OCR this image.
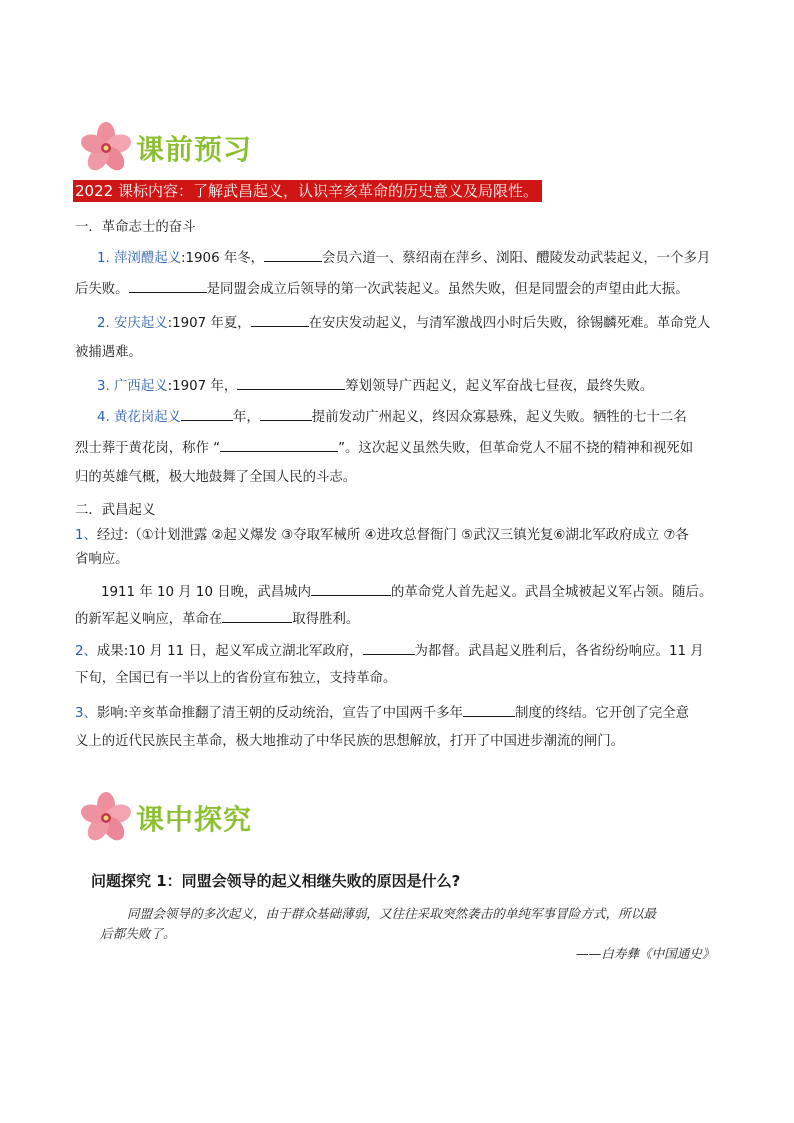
课前预习
2022 课标内容：了解武昌起义，认识辛亥革命的历史意义及局限性。
一．革命志士的奋斗
1. 萍浏醴起义:1906 年冬，	会员六道一、蔡绍南在萍乡、浏阳、醴陵发动武装起义，一个多月
后失败。	是同盟会成立后领导的第一次武装起义。虽然失败，但是同盟会的声望由此大振。
2. 安庆起义:1907 年夏，	在安庆发动起义，与清军激战四小时后失败，徐锡麟死难。革命党人
被捕遇难。
3. 广西起义:1907 年，	筹划领导广西起义，起义军奋战七昼夜，最终失败。
4. 黄花岗起义	年，	提前发动广州起义，终因众寡悬殊，起义失败。牺牲的七十二名
烈士葬于黄花岗，称作 “	”。这次起义虽然失败，但革命党人不屈不挠的精神和视死如
归的英雄气概，极大地鼓舞了全国人民的斗志。
二．武昌起义
1、经过:（①计划泄露 ②起义爆发 ③夺取军械所 ④进攻总督衙门 ⑤武汉三镇光复⑥湖北军政府成立 ⑦各
省响应。
1911 年 10 月 10 日晚，武昌城内	的革命党人首先起义。武昌全城被起义军占领。随后。
的新军起义响应，革命在	取得胜利。
2、成果:10 月 11 日，起义军成立湖北军政府，	为都督。武昌起义胜利后，各省纷纷响应。11 月
下旬，全国已有一半以上的省份宣布独立，支持革命。
3、影响:辛亥革命推翻了清王朝的反动统治，宣告了中国两千多年	制度的终结。它开创了完全意
义上的近代民族民主革命，极大地推动了中华民族的思想解放，打开了中国进步潮流的闸门。
课中探究
问题探究 1：同盟会领导的起义相继失败的原因是什么?
同盟会领导的多次起义，由于群众基础薄弱，又往往采取突然袭击的单纯军事冒险方式，所以最
后都失败了。
——白寿彝《中国通史》
